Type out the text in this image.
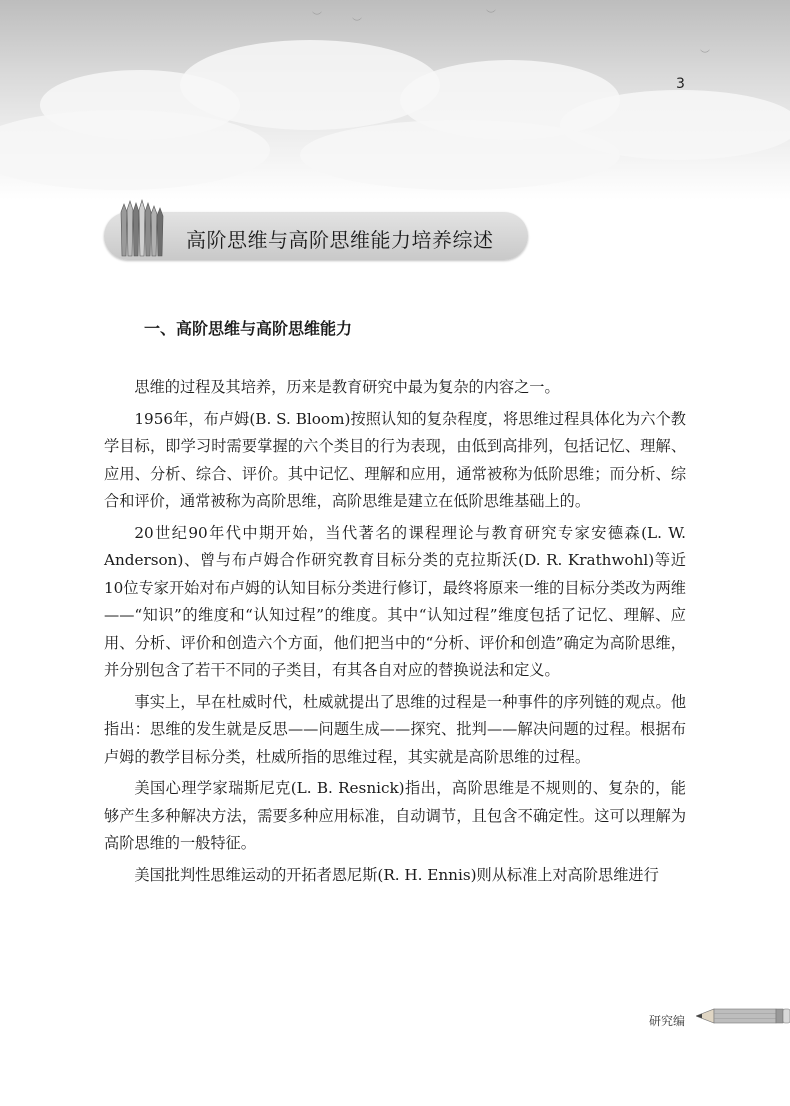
︶
︶
︶
︶
3
高阶思维与高阶思维能力培养综述
一、高阶思维与高阶思维能力

思维的过程及其培养，历来是教育研究中最为复杂的内容之一。

1956年，布卢姆(B. S. Bloom)按照认知的复杂程度，将思维过程具体化为六个教学目标，即学习时需要掌握的六个类目的行为表现，由低到高排列，包括记忆、理解、应用、分析、综合、评价。其中记忆、理解和应用，通常被称为低阶思维；而分析、综合和评价，通常被称为高阶思维，高阶思维是建立在低阶思维基础上的。

20世纪90年代中期开始，当代著名的课程理论与教育研究专家安德森(L. W. Anderson)、曾与布卢姆合作研究教育目标分类的克拉斯沃(D. R. Krathwohl)等近10位专家开始对布卢姆的认知目标分类进行修订，最终将原来一维的目标分类改为两维——“知识”的维度和“认知过程”的维度。其中“认知过程”维度包括了记忆、理解、应用、分析、评价和创造六个方面，他们把当中的“分析、评价和创造”确定为高阶思维，并分别包含了若干不同的子类目，有其各自对应的替换说法和定义。

事实上，早在杜威时代，杜威就提出了思维的过程是一种事件的序列链的观点。他指出：思维的发生就是反思——问题生成——探究、批判——解决问题的过程。根据布卢姆的教学目标分类，杜威所指的思维过程，其实就是高阶思维的过程。

美国心理学家瑞斯尼克(L. B. Resnick)指出，高阶思维是不规则的、复杂的，能够产生多种解决方法，需要多种应用标准，自动调节，且包含不确定性。这可以理解为高阶思维的一般特征。

美国批判性思维运动的开拓者恩尼斯(R. H. Ennis)则从标准上对高阶思维进行

研究编
